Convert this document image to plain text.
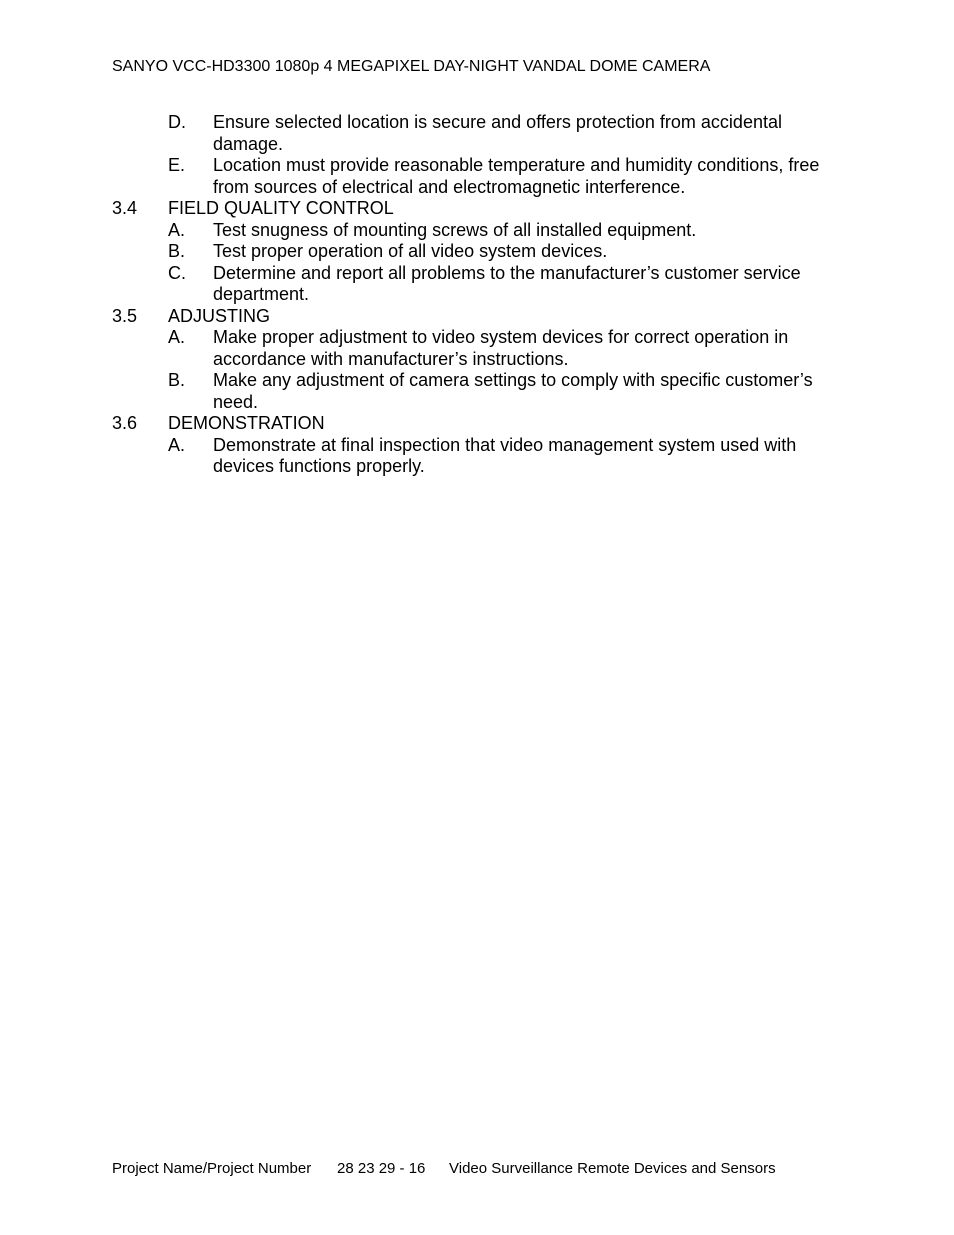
SANYO VCC-HD3300 1080p 4 MEGAPIXEL DAY-NIGHT VANDAL DOME CAMERA
D.	Ensure selected location is secure and offers protection from accidental damage.
E.	Location must provide reasonable temperature and humidity conditions, free from sources of electrical and electromagnetic interference.
3.4	FIELD QUALITY CONTROL
A.	Test snugness of mounting screws of all installed equipment.
B.	Test proper operation of all video system devices.
C.	Determine and report all problems to the manufacturer’s customer service department.
3.5	ADJUSTING
A.	Make proper adjustment to video system devices for correct operation in accordance with manufacturer’s instructions.
B.	Make any adjustment of camera settings to comply with specific customer’s need.
3.6	DEMONSTRATION
A.	Demonstrate at final inspection that video management system used with devices functions properly.
Project Name/Project Number 28 23 29 - 16 Video Surveillance Remote Devices and Sensors
